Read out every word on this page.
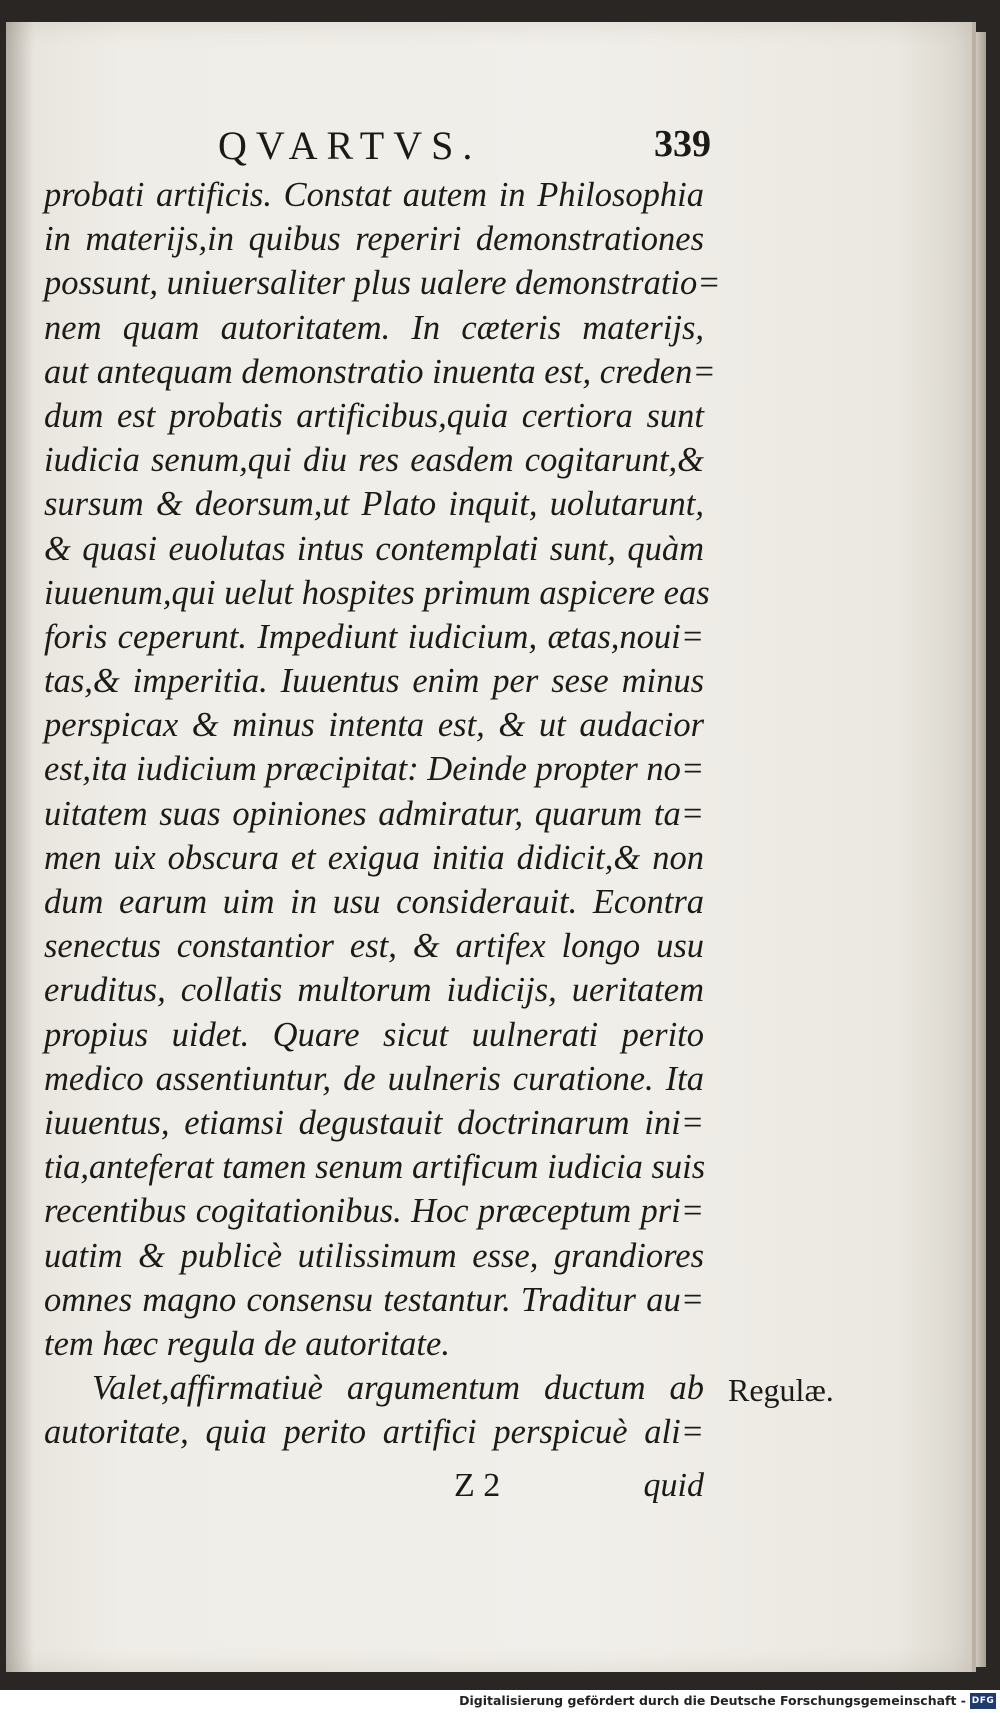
QVARTVS.	339
probati artificis. Constat autem in Philosophia
in materijs,in quibus reperiri demonstrationes
possunt, uniuersaliter plus ualere demonstratio=
nem quam autoritatem. In cæteris materijs,
aut antequam demonstratio inuenta est, creden=
dum est probatis artificibus,quia certiora sunt
iudicia senum,qui diu res easdem cogitarunt,&
sursum & deorsum,ut Plato inquit, uolutarunt,
& quasi euolutas intus contemplati sunt, quàm
iuuenum,qui uelut hospites primum aspicere eas
foris ceperunt. Impediunt iudicium, ætas,noui=
tas,& imperitia. Iuuentus enim per sese minus
perspicax & minus intenta est, & ut audacior
est,ita iudicium præcipitat: Deinde propter no=
uitatem suas opiniones admiratur, quarum ta=
men uix obscura et exigua initia didicit,& non
dum earum uim in usu considerauit. Econtra
senectus constantior est, & artifex longo usu
eruditus, collatis multorum iudicijs, ueritatem
propius uidet. Quare sicut uulnerati perito
medico assentiuntur, de uulneris curatione. Ita
iuuentus, etiamsi degustauit doctrinarum ini=
tia,anteferat tamen senum artificum iudicia suis
recentibus cogitationibus. Hoc præceptum pri=
uatim & publicè utilissimum esse, grandiores
omnes magno consensu testantur. Traditur au=
tem hæc regula de autoritate.
Valet,affirmatiuè argumentum ductum ab
autoritate, quia perito artifici perspicuè ali=
Regulæ.
Z 2	quid
Digitalisierung gefördert durch die Deutsche Forschungsgemeinschaft - DFG
